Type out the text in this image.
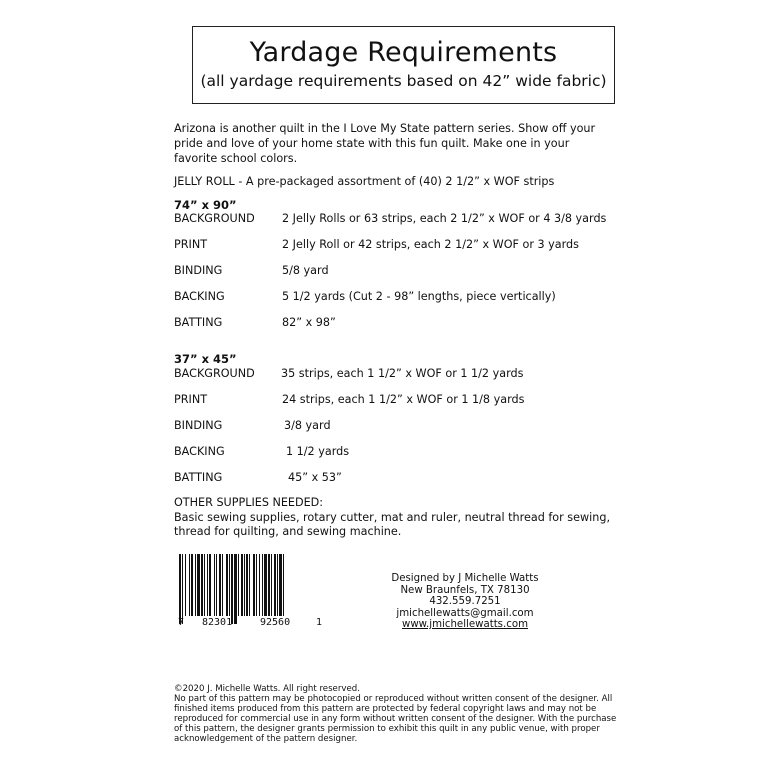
Yardage Requirements
(all yardage requirements based on 42” wide fabric)
Arizona is another quilt in the I Love My State pattern series. Show off your pride and love of your home state with this fun quilt. Make one in your favorite school colors.
JELLY ROLL - A pre-packaged assortment of (40) 2 1/2” x WOF strips
74” x 90”
BACKGROUND 2 Jelly Rolls or 63 strips, each 2 1/2” x WOF or 4 3/8 yards
PRINT	2 Jelly Roll or 42 strips, each 2 1/2” x WOF or 3 yards
BINDING	5/8 yard
BACKING	5 1/2 yards (Cut 2 - 98” lengths, piece vertically)
BATTING	82” x 98”
37” x 45”
BACKGROUND 35 strips, each 1 1/2” x WOF or 1 1/2 yards
PRINT	24 strips, each 1 1/2” x WOF or 1 1/8 yards
BINDING	3/8 yard
BACKING	1 1/2 yards
BATTING	45” x 53”
OTHER SUPPLIES NEEDED:
Basic sewing supplies, rotary cutter, mat and ruler, neutral thread for sewing, thread for quilting, and sewing machine.
7 82301	92560	1
Designed by J Michelle Watts
New Braunfels, TX 78130
432.559.7251
jmichellewatts@gmail.com
www.jmichellewatts.com
©2020 J. Michelle Watts. All right reserved.
No part of this pattern may be photocopied or reproduced without written consent of the designer. All finished items produced from this pattern are protected by federal copyright laws and may not be reproduced for commercial use in any form without written consent of the designer. With the purchase of this pattern, the designer grants permission to exhibit this quilt in any public venue, with proper acknowledgement of the pattern designer.
